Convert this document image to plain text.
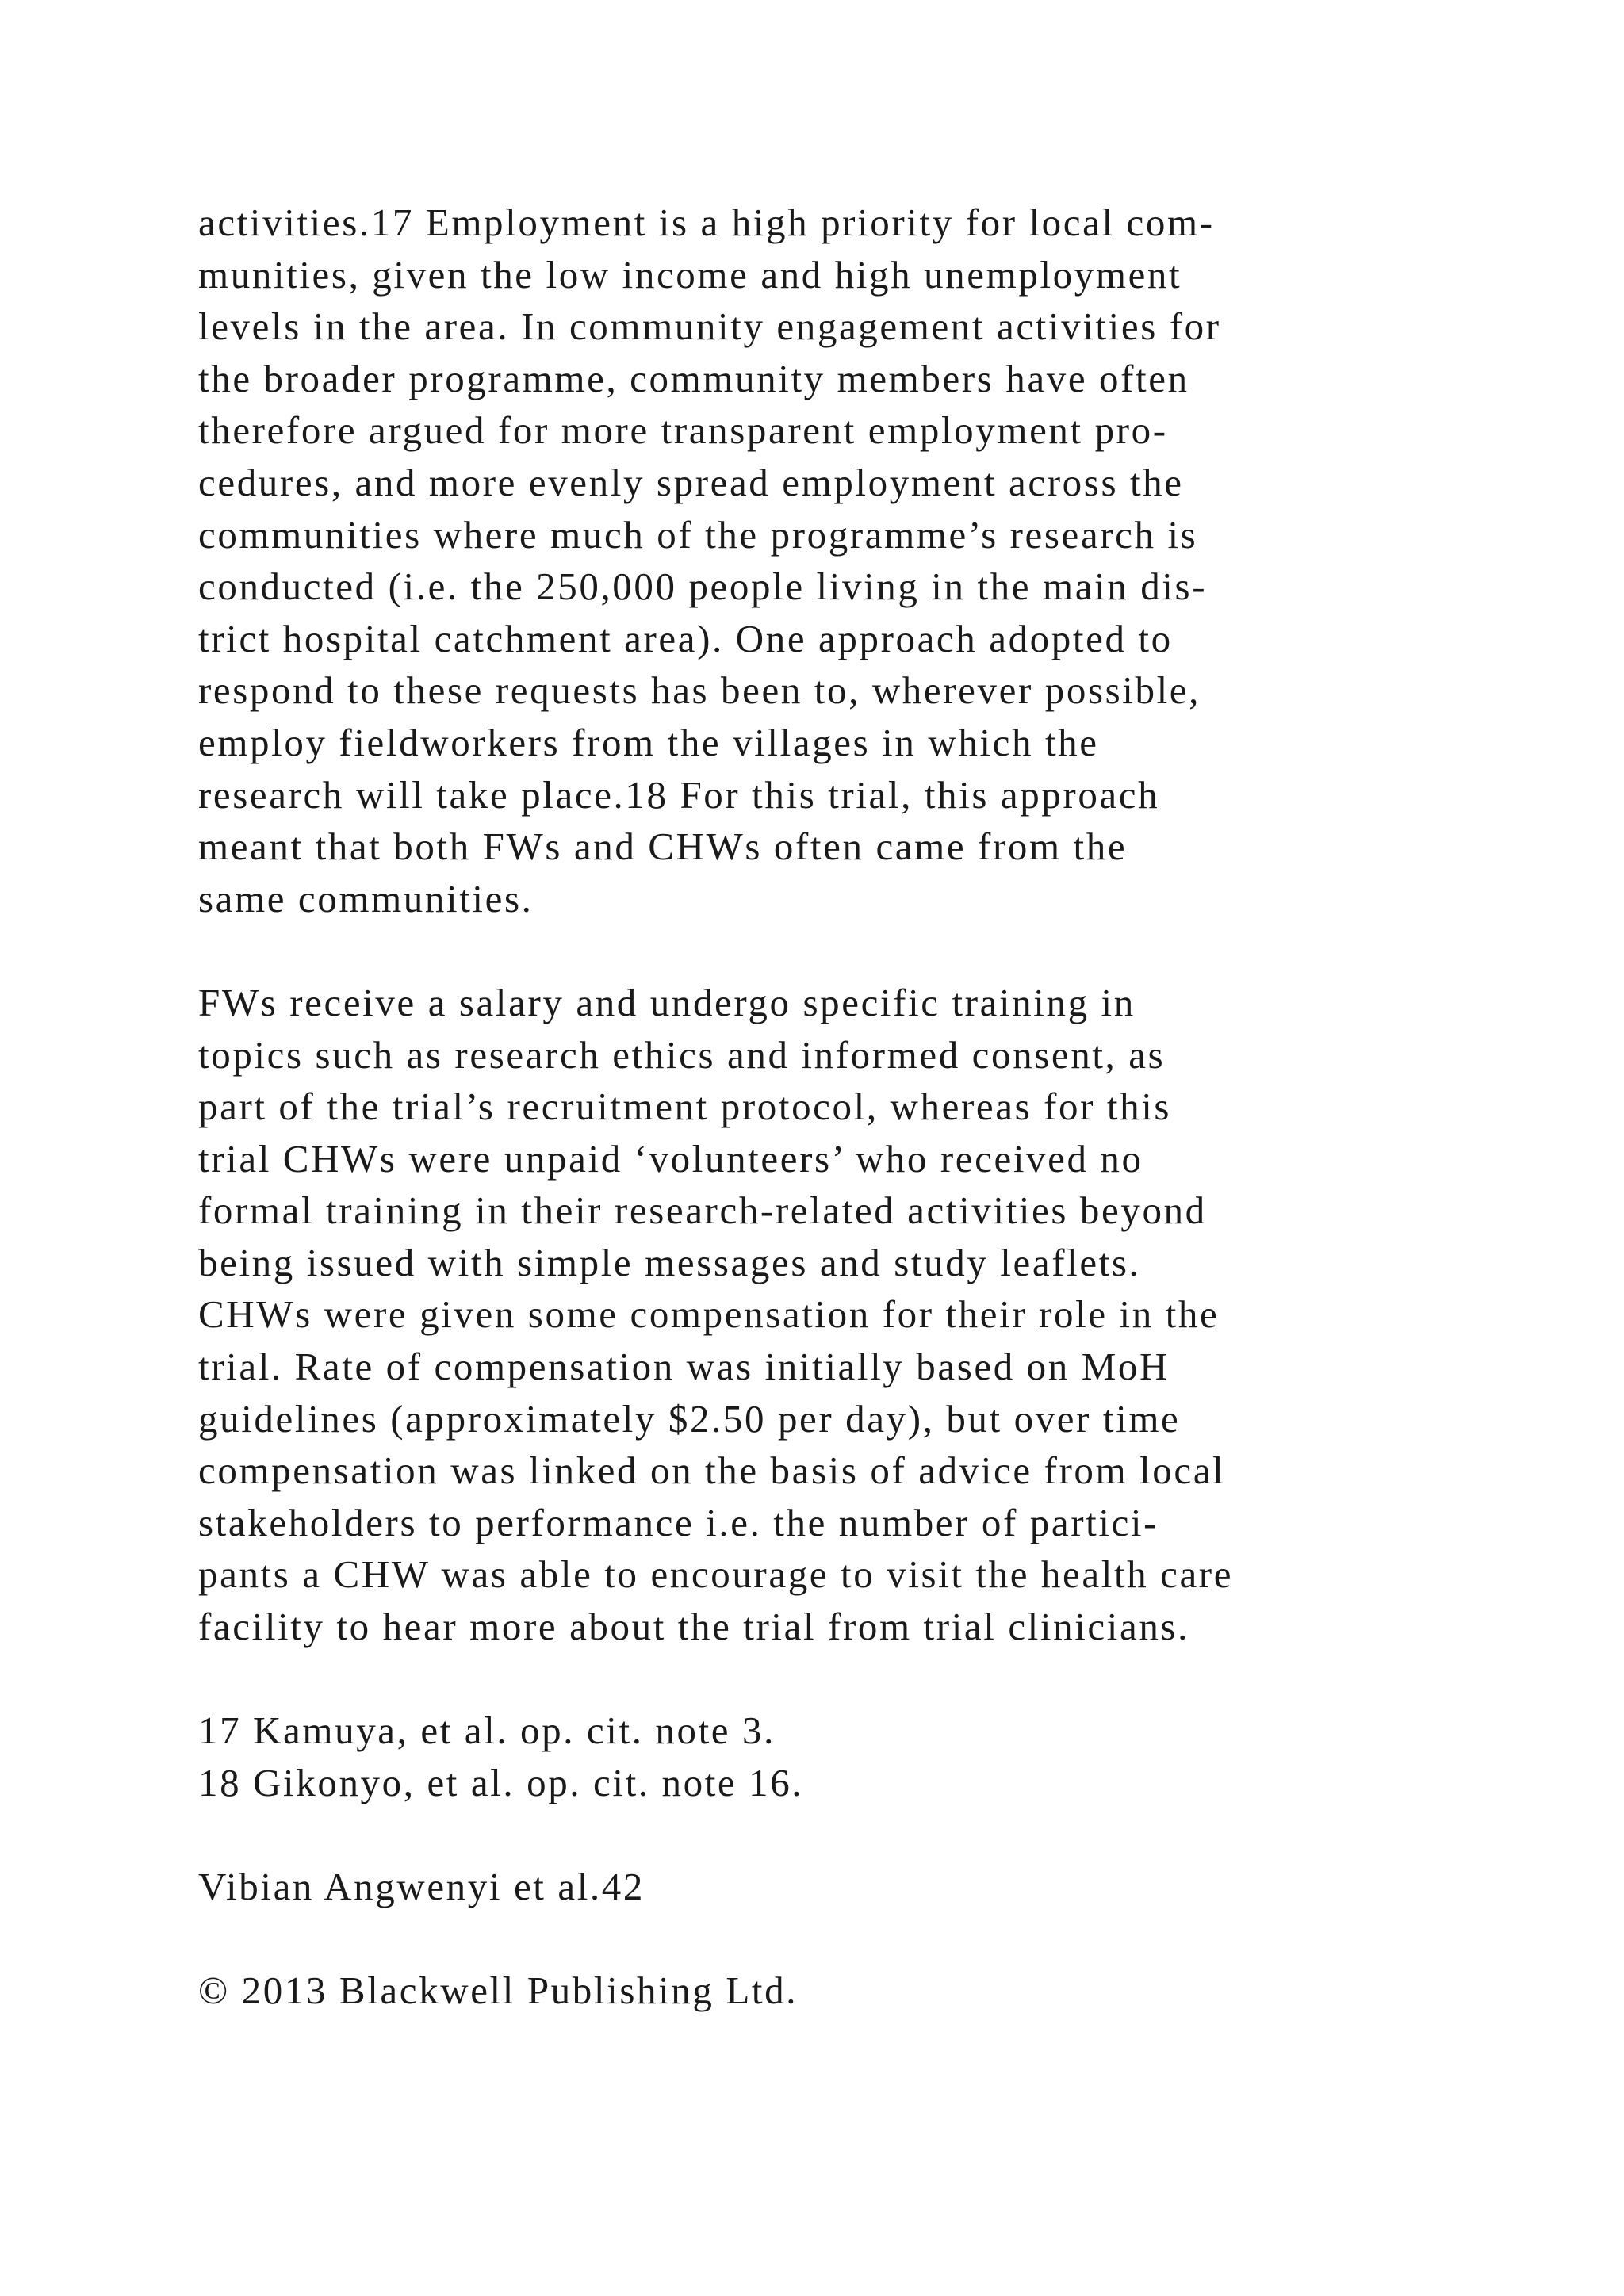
activities.17 Employment is a high priority for local com-
munities, given the low income and high unemployment
levels in the area. In community engagement activities for
the broader programme, community members have often
therefore argued for more transparent employment pro-
cedures, and more evenly spread employment across the
communities where much of the programme’s research is
conducted (i.e. the 250,000 people living in the main dis-
trict hospital catchment area). One approach adopted to
respond to these requests has been to, wherever possible,
employ fieldworkers from the villages in which the
research will take place.18 For this trial, this approach
meant that both FWs and CHWs often came from the
same communities.
FWs receive a salary and undergo specific training in
topics such as research ethics and informed consent, as
part of the trial’s recruitment protocol, whereas for this
trial CHWs were unpaid ‘volunteers’ who received no
formal training in their research-related activities beyond
being issued with simple messages and study leaflets.
CHWs were given some compensation for their role in the
trial. Rate of compensation was initially based on MoH
guidelines (approximately $2.50 per day), but over time
compensation was linked on the basis of advice from local
stakeholders to performance i.e. the number of partici-
pants a CHW was able to encourage to visit the health care
facility to hear more about the trial from trial clinicians.
17 Kamuya, et al. op. cit. note 3.
18 Gikonyo, et al. op. cit. note 16.
Vibian Angwenyi et al.42
© 2013 Blackwell Publishing Ltd.
